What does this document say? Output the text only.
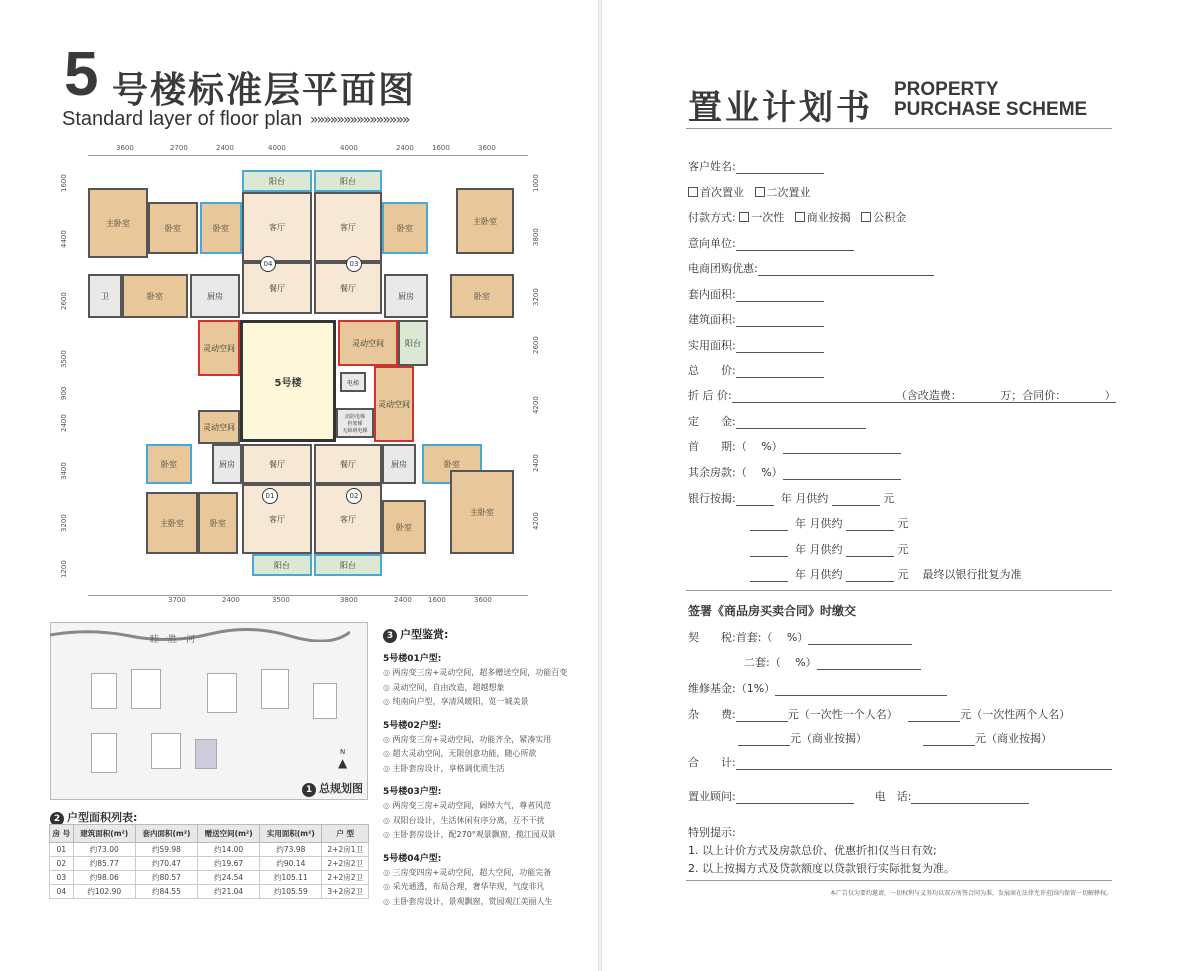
5 号楼标准层平面图
Standard layer of floor plan »»»»»»»»»»»»»»»
3600	2700	2400	4000	4000	2400	1600	3600
3700	2400	3500	3800	2400 1600	3600
1600
4400
2600
3500
900
2400
3400
3200
1200
1000
3800
3200
2600
4200
2400
4200
阳台	阳台
主卧室
卧室	卧室	客厅
餐厅
卧室
卫	厨房
灵动空间
客厅
餐厅
卧室
主卧室
厨房	卧室
灵动空间	阳台
5号楼	电梯
消防电梯
担架梯
无障碍电梯
灵动空间
灵动空间
卧室	厨房	餐厅
客厅
主卧室	卧室
餐厅	厨房	卧室
客厅
卧室
主卧室
阳台	阳台
04	03
01	02
睦一胜一河
1 总规划图
N
▲
2 户型面积列表:
房 号	建筑面积(m²)	套内面积(m²)	赠送空间(m²)	实用面积(m²)	户 型
01	约73.00	约59.98	约14.00	约73.98	2+2房1卫
02	约85.77	约70.47	约19.67	约90.14	2+2房2卫
03	约98.06	约80.57	约24.54	约105.11	2+2房2卫
04	约102.90	约84.55	约21.04	约105.59	3+2房2卫
3 户型鉴赏:
5号楼01户型:
◎ 两房变三房+灵动空间，超多赠送空间，功能百变
◎ 灵动空间，自由改造，超越想象
◎ 纯南向户型，享清风暖阳，览一城美景
5号楼02户型:
◎ 两房变三房+灵动空间，功能齐全，紧凑实用
◎ 超大灵动空间，无限创意功能，随心所欲
◎ 主卧套房设计，享格调优质生活
5号楼03户型:
◎ 两房变三房+灵动空间，阔绰大气，尊者风范
◎ 双阳台设计，生活休闲有序分离，互不干扰
◎ 主卧套房设计，配270°观景飘窗，揽江园双景
5号楼04户型:
◎ 三房变四房+灵动空间，超大空间，功能完备
◎ 采光通透，布局合理，奢华毕现，气度非凡
◎ 主卧套房设计，景观飘窗，赏园观江美丽人生
置业计划书 PROPERTY
PURCHASE SCHEME
客户姓名:
首次置业 二次置业
付款方式: 一次性 商业按揭 公积金
意向单位:
电商团购优惠:
套内面积:
建筑面积:
实用面积:
总　　价:
折 后 价:	（含改造费：　　　　万；合同价：　　　　）
定　　金:
首　　期:（　 %）
其余房款:（　 %）
银行按揭:	年 月供约	元
年 月供约	元
年 月供约	元
年 月供约	元 最终以银行批复为准
签署《商品房买卖合同》时缴交
契　　税:首套:（　 %）
二套:（　 %）
维修基金:（1%）
杂　　费:	元（一次性一个人名）	元（一次性两个人名）
元（商业按揭）	元（商业按揭）
合　　计:
置业顾问:	电　话:
特别提示:
1. 以上计价方式及房款总价、优惠折扣仅当日有效;
2. 以上按揭方式及贷款额度以贷款银行实际批复为准。
本广告仅为要约邀请，一切权利与义务均以双方所签合同为准，发展商在法律允许范围内保留一切解释权。
